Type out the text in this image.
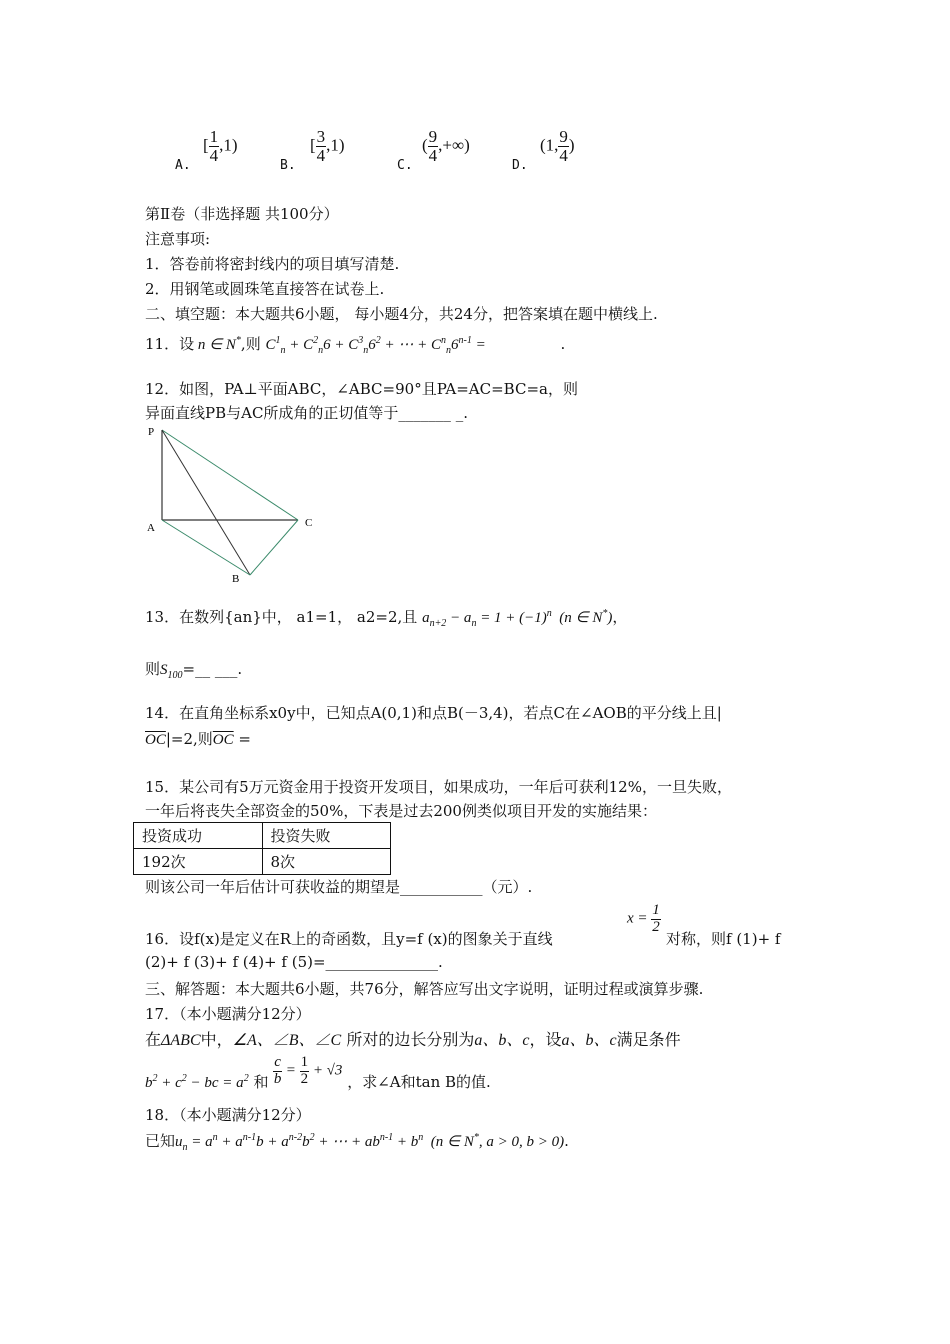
A.
[ $\frac{1}{4} ,1$)
B.
[ $\frac{3}{4} ,1$)
C.
( $\frac{9}{4}$ ,+∞)
D.
(1, $\frac{9}{4}$ )
第Ⅱ卷（非选择题 共100分）
注意事项:
1．答卷前将密封线内的项目填写清楚.
2．用钢笔或圆珠笔直接答在试卷上.
二、填空题：本大题共6小题， 每小题4分，共24分，把答案填在题中横线上.
11．设 n ∈ N*,则 $C^1_n + C^2_n6 + C^3_n6^2$ + ⋯ + $C^n_n6^{n-1}$ =	.
12．如图，PA⊥平面ABC，∠ABC=90°且PA=AC=BC=a，则
异面直线PB与AC所成角的正切值等于_______ _.
P
A	C
B
13．在数列{an}中， a1=1， a2=2,且 $a_{n+2} - a_n = 1 + (-1)^n$  (n ∈ N*)，
则$S_{100}=\_\_$ ___.
14．在直角坐标系x0y中，已知点A(0,1)和点B(－3,4)，若点C在∠AOB的平分线上且|
$\overline{OC}|=2$,则$\overline{OC}$ =
15．某公司有5万元资金用于投资开发项目，如果成功，一年后可获利12%，一旦失败，
一年后将丧失全部资金的50%，下表是过去200例类似项目开发的实施结果：
投资成功	投资失败
192次	8次
则该公司一年后估计可获收益的期望是___________（元）.
16．设f(x)是定义在R上的奇函数，且y=f (x)的图象关于直线
$x = \frac{1}{2}$
对称，则f (1)+ f
(2)+ f (3)+ f (4)+ f (5)=_______________.
三、解答题：本大题共6小题，共76分，解答应写出文字说明，证明过程或演算步骤.
17．（本小题满分12分）
在ΔABC中，∠A、∠B、∠C 所对的边长分别为a、b、c，设a、b、c满足条件
$b^2 + c^2$ − bc = $a^2$ 和 $\frac{c}{b} = \frac{1}{2} + √3$ ，求∠A和tan B的值.
18．（本小题满分12分）
已知$u_n = a^n + a^{n-1}b + a^{n-2}b^2$ + ⋯ + $ab^{n-1} + b^n$  (n ∈ N*, a > 0, b > 0).
